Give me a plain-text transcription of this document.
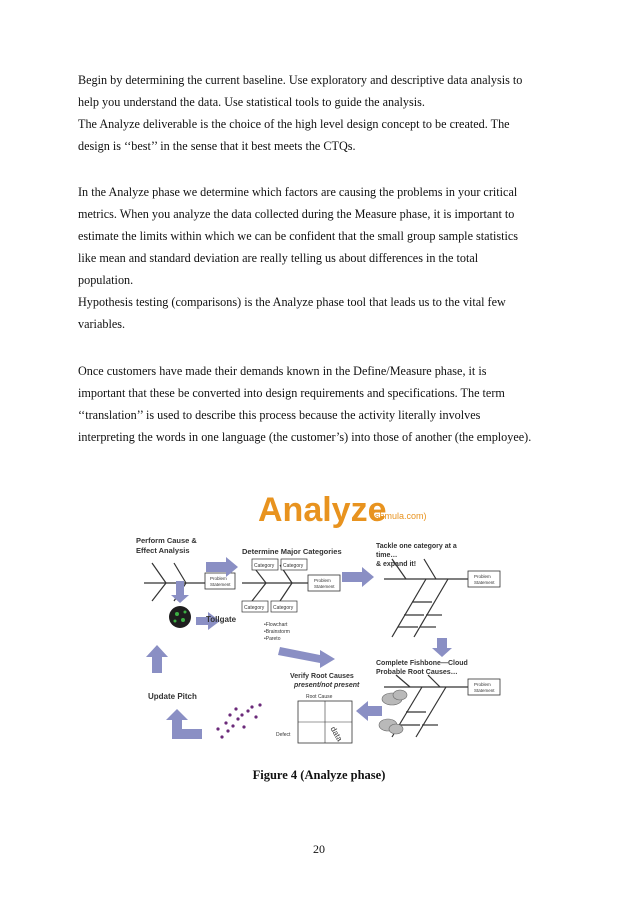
Begin by determining the current baseline. Use exploratory and descriptive data analysis to
help you understand the data. Use statistical tools to guide the analysis.
The Analyze deliverable is the choice of the high level design concept to be created. The
design is ‘‘best’’ in the sense that it best meets the CTQs.
In the Analyze phase we determine which factors are causing the problems in your critical
metrics. When you analyze the data collected during the Measure phase, it is important to
estimate the limits within which we can be confident that the small group sample statistics
like mean and standard deviation are really telling us about differences in the total
population.
Hypothesis testing (comparisons) is the Analyze phase tool that leads us to the vital few
variables.
Once customers have made their demands known in the Define/Measure phase, it is
important that these be converted into design requirements and specifications. The term
‘‘translation’’ is used to describe this process because the activity literally involves
interpreting the words in one language (the customer’s) into those of another (the employee).
Analyze
(shmula.com)
Perform Cause & Effect Analysis	Determine Major Categories
Tackle one category at a time… & expand it!
Problem Statement
Category Category
Category Category
Problem Statement
•Flowchart •Brainstorm •Pareto
Problem Statement
Complete Fishbone—Cloud Probable Root Causes…
Problem Statement
Verify Root Causes present/not present
Root Cause
Defect	data
Tollgate
Update Pitch
Figure 4 (Analyze phase)
20
